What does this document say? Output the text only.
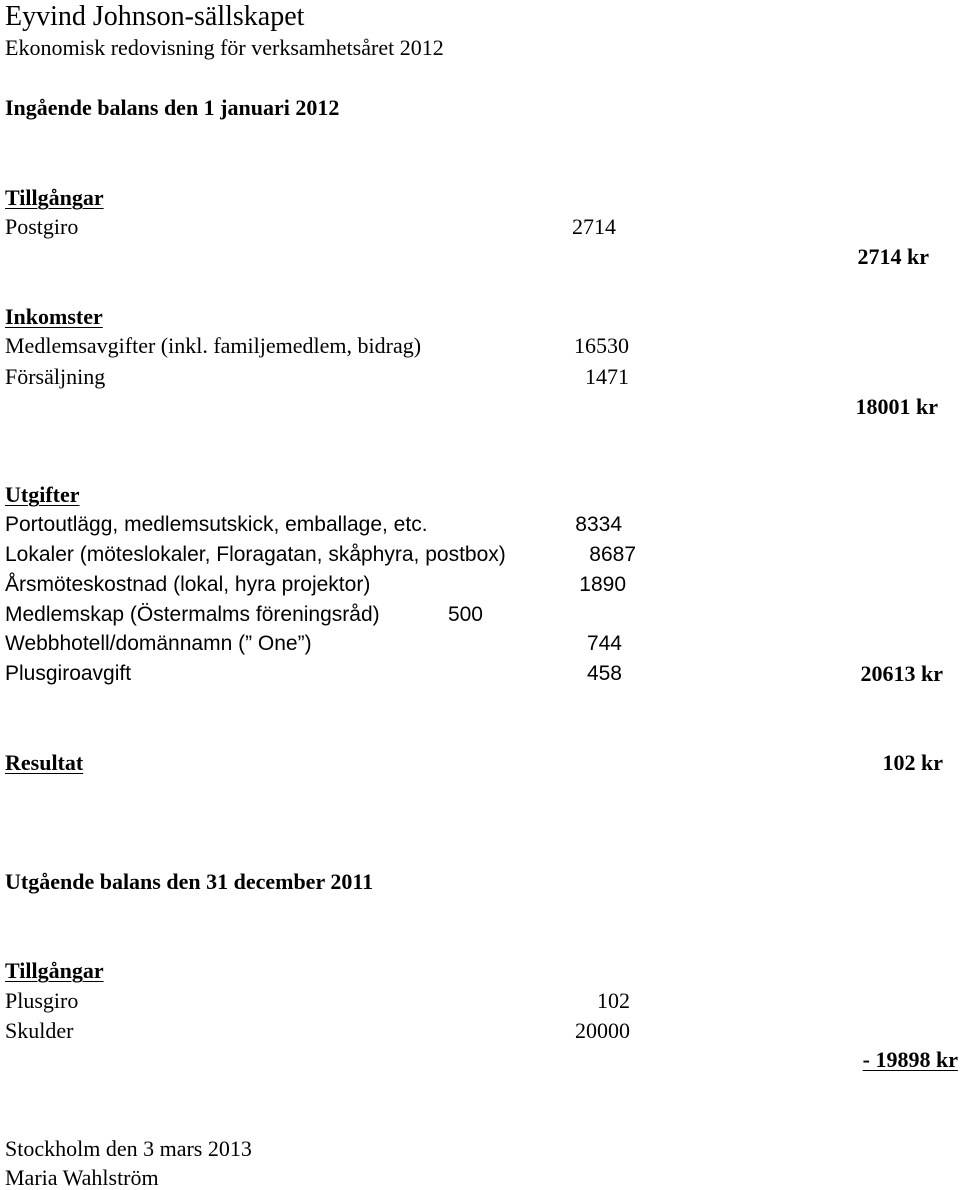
Eyvind Johnson-sällskapet
Ekonomisk redovisning för verksamhetsåret 2012
Ingående balans den 1 januari 2012
Tillgångar
Postgiro	2714
2714 kr
Inkomster
Medlemsavgifter (inkl. familjemedlem, bidrag)	16530
Försäljning	1471
18001 kr
Utgifter
Portoutlägg, medlemsutskick, emballage, etc.	8334
Lokaler (möteslokaler, Floragatan, skåphyra, postbox)	8687
Årsmöteskostnad (lokal, hyra projektor)	1890
Medlemskap (Östermalms föreningsråd)	500
Webbhotell/domännamn (” One”)	744
Plusgiroavgift	458	20613 kr
Resultat	102 kr
Utgående balans den 31 december 2011
Tillgångar
Plusgiro	102
Skulder	20000
- 19898 kr
Stockholm den 3 mars 2013
Maria Wahlström
